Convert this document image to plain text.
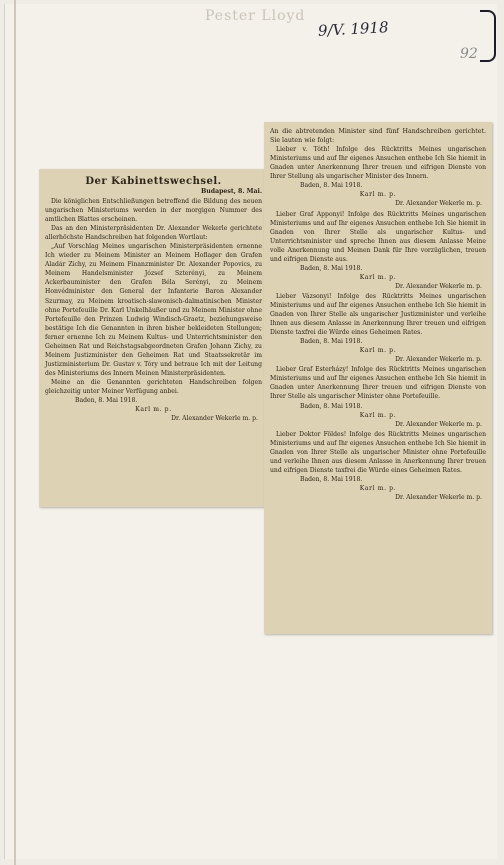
Pester Lloyd
9/V. 1918
92
Der Kabinettswechsel.
Budapest, 8. Mai.

Die königlichen Entschließungen betreffend die Bildung des neuen ungarischen Ministeriums werden in der morgigen Nummer des amtlichen Blattes erscheinen.

Das an den Ministerpräsidenten Dr. Alexander Wekerle gerichtete allerhöchste Handschreiben hat folgenden Wortlaut:

„Auf Vorschlag Meines ungarischen Ministerpräsidenten ernenne Ich wieder zu Meinem Minister an Meinem Hoflager den Grafen Aladár Zichy, zu Meinem Finanzminister Dr. Alexander Popovics, zu Meinem Handelsminister József Szterényi, zu Meinem Ackerbauminister den Grafen Béla Serényi, zu Meinem Honvédminister den General der Infanterie Baron Alexander Szurmay, zu Meinem kroatisch-slawonisch-dalmatinischen Minister ohne Portefeuille Dr. Karl Unkelhäußer und zu Meinem Minister ohne Portefeuille den Prinzen Ludwig Windisch-Graetz, beziehungsweise bestätige Ich die Genannten in ihren bisher bekleideten Stellungen; ferner ernenne Ich zu Meinem Kultus- und Unterrichtsminister den Geheimen Rat und Reichstagsabgeordneten Grafen Johann Zichy, zu Meinem Justizminister den Geheimen Rat und Staatssekretär im Justizministerium Dr. Gustav v. Tóry und betraue Ich mit der Leitung des Ministeriums des Innern Meinen Ministerpräsidenten.

Meine an die Genannten gerichteten Handschreiben folgen gleichzeitig unter Meiner Verfügung anbei.

Baden, 8. Mai 1918.
Karl m. p.
Dr. Alexander Wekerle m. p.

An die abtretenden Minister sind fünf Handschreiben gerichtet. Sie lauten wie folgt:

Lieber v. Tóth! Infolge des Rücktritts Meines ungarischen Ministeriums und auf Ihr eigenes Ansuchen enthebe Ich Sie hiemit in Gnaden unter Anerkennung Ihrer treuen und eifrigen Dienste von Ihrer Stellung als ungarischer Minister des Innern.

Baden, 8. Mai 1918.
Karl m. p.
Dr. Alexander Wekerle m. p.

Lieber Graf Apponyi! Infolge des Rücktritts Meines ungarischen Ministeriums und auf Ihr eigenes Ansuchen enthebe Ich Sie hiemit in Gnaden von Ihrer Stelle als ungarischer Kultus- und Unterrichtsminister und spreche Ihnen aus diesem Anlasse Meine volle Anerkennung und Meinen Dank für Ihre vorzüglichen, treuen und eifrigen Dienste aus.

Baden, 8. Mai 1918.
Karl m. p.
Dr. Alexander Wekerle m. p.

Lieber Vázsonyi! Infolge des Rücktritts Meines ungarischen Ministeriums und auf Ihr eigenes Ansuchen enthebe Ich Sie hiemit in Gnaden von Ihrer Stelle als ungarischer Justizminister und verleihe Ihnen aus diesem Anlasse in Anerkennung Ihrer treuen und eifrigen Dienste taxfrei die Würde eines Geheimen Rates.

Baden, 8. Mai 1918.
Karl m. p.
Dr. Alexander Wekerle m. p.

Lieber Graf Esterházy! Infolge des Rücktritts Meines ungarischen Ministeriums und auf Ihr eigenes Ansuchen enthebe Ich Sie hiemit in Gnaden unter Anerkennung Ihrer treuen und eifrigen Dienste von Ihrer Stelle als ungarischer Minister ohne Portefeuille.

Baden, 8. Mai 1918.
Karl m. p.
Dr. Alexander Wekerle m. p.

Lieber Doktor Földes! Infolge des Rücktritts Meines ungarischen Ministeriums und auf Ihr eigenes Ansuchen enthebe Ich Sie hiemit in Gnaden von Ihrer Stelle als ungarischer Minister ohne Portefeuille und verleihe Ihnen aus diesem Anlasse in Anerkennung Ihrer treuen und eifrigen Dienste taxfrei die Würde eines Geheimen Rates.

Baden, 8. Mai 1918.
Karl m. p.
Dr. Alexander Wekerle m. p.
